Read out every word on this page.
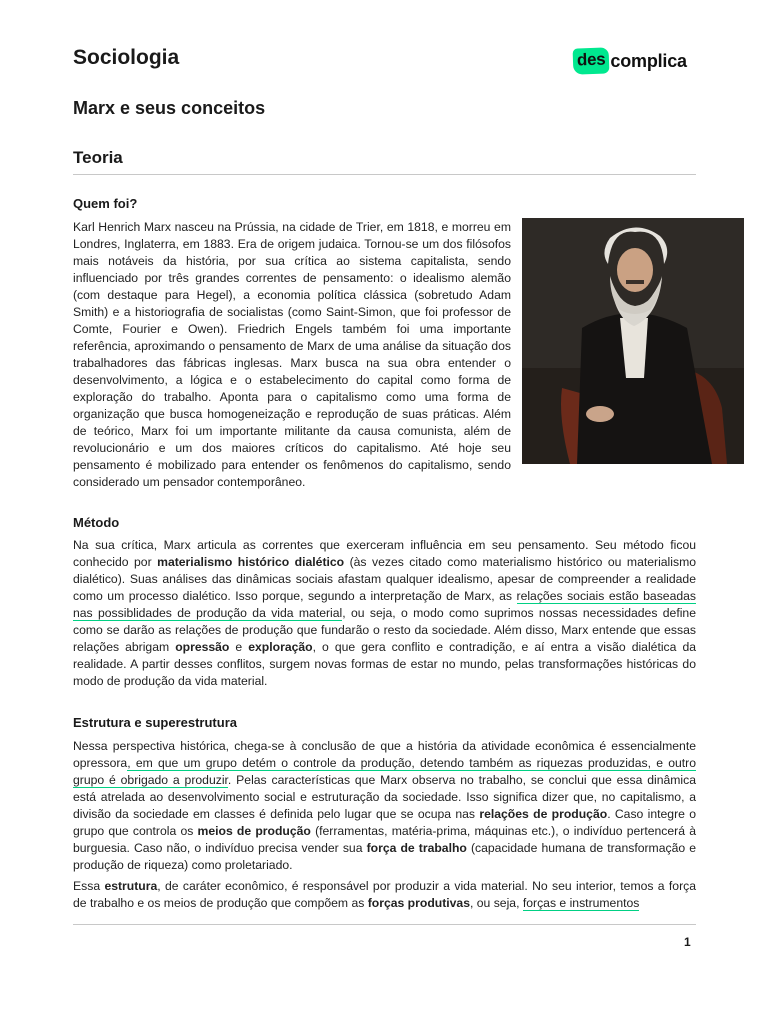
Sociologia	des complica
Marx e seus conceitos
Teoria
Quem foi?

Karl Henrich Marx nasceu na Prússia, na cidade de Trier, em 1818, e morreu em Londres, Inglaterra, em 1883. Era de origem judaica. Tornou-se um dos filósofos mais notáveis da história, por sua crítica ao sistema capitalista, sendo influenciado por três grandes correntes de pensamento: o idealismo alemão (com destaque para Hegel), a economia política clássica (sobretudo Adam Smith) e a historiografia de socialistas (como Saint-Simon, que foi professor de Comte, Fourier e Owen). Friedrich Engels também foi uma importante referência, aproximando o pensamento de Marx de uma análise da situação dos trabalhadores das fábricas inglesas. Marx busca na sua obra entender o desenvolvimento, a lógica e o estabelecimento do capital como forma de exploração do trabalho. Aponta para o capitalismo como uma forma de organização que busca homogeneização e reprodução de suas práticas. Além de teórico, Marx foi um importante militante da causa comunista, além de revolucionário e um dos maiores críticos do capitalismo. Até hoje seu pensamento é mobilizado para entender os fenômenos do capitalismo, sendo considerado um pensador contemporâneo.

Método

Na sua crítica, Marx articula as correntes que exerceram influência em seu pensamento. Seu método ficou conhecido por materialismo histórico dialético (às vezes citado como materialismo histórico ou materialismo dialético). Suas análises das dinâmicas sociais afastam qualquer idealismo, apesar de compreender a realidade como um processo dialético. Isso porque, segundo a interpretação de Marx, as relações sociais estão baseadas nas possiblidades de produção da vida material, ou seja, o modo como suprimos nossas necessidades define como se darão as relações de produção que fundarão o resto da sociedade. Além disso, Marx entende que essas relações abrigam opressão e exploração, o que gera conflito e contradição, e aí entra a visão dialética da realidade. A partir desses conflitos, surgem novas formas de estar no mundo, pelas transformações históricas do modo de produção da vida material.

Estrutura e superestrutura

Nessa perspectiva histórica, chega-se à conclusão de que a história da atividade econômica é essencialmente opressora, em que um grupo detém o controle da produção, detendo também as riquezas produzidas, e outro grupo é obrigado a produzir. Pelas características que Marx observa no trabalho, se conclui que essa dinâmica está atrelada ao desenvolvimento social e estruturação da sociedade. Isso significa dizer que, no capitalismo, a divisão da sociedade em classes é definida pelo lugar que se ocupa nas relações de produção. Caso integre o grupo que controla os meios de produção (ferramentas, matéria-prima, máquinas etc.), o indivíduo pertencerá à burguesia. Caso não, o indivíduo precisa vender sua força de trabalho (capacidade humana de transformação e produção de riqueza) como proletariado.

Essa estrutura, de caráter econômico, é responsável por produzir a vida material. No seu interior, temos a força de trabalho e os meios de produção que compõem as forças produtivas, ou seja, forças e instrumentos

1
